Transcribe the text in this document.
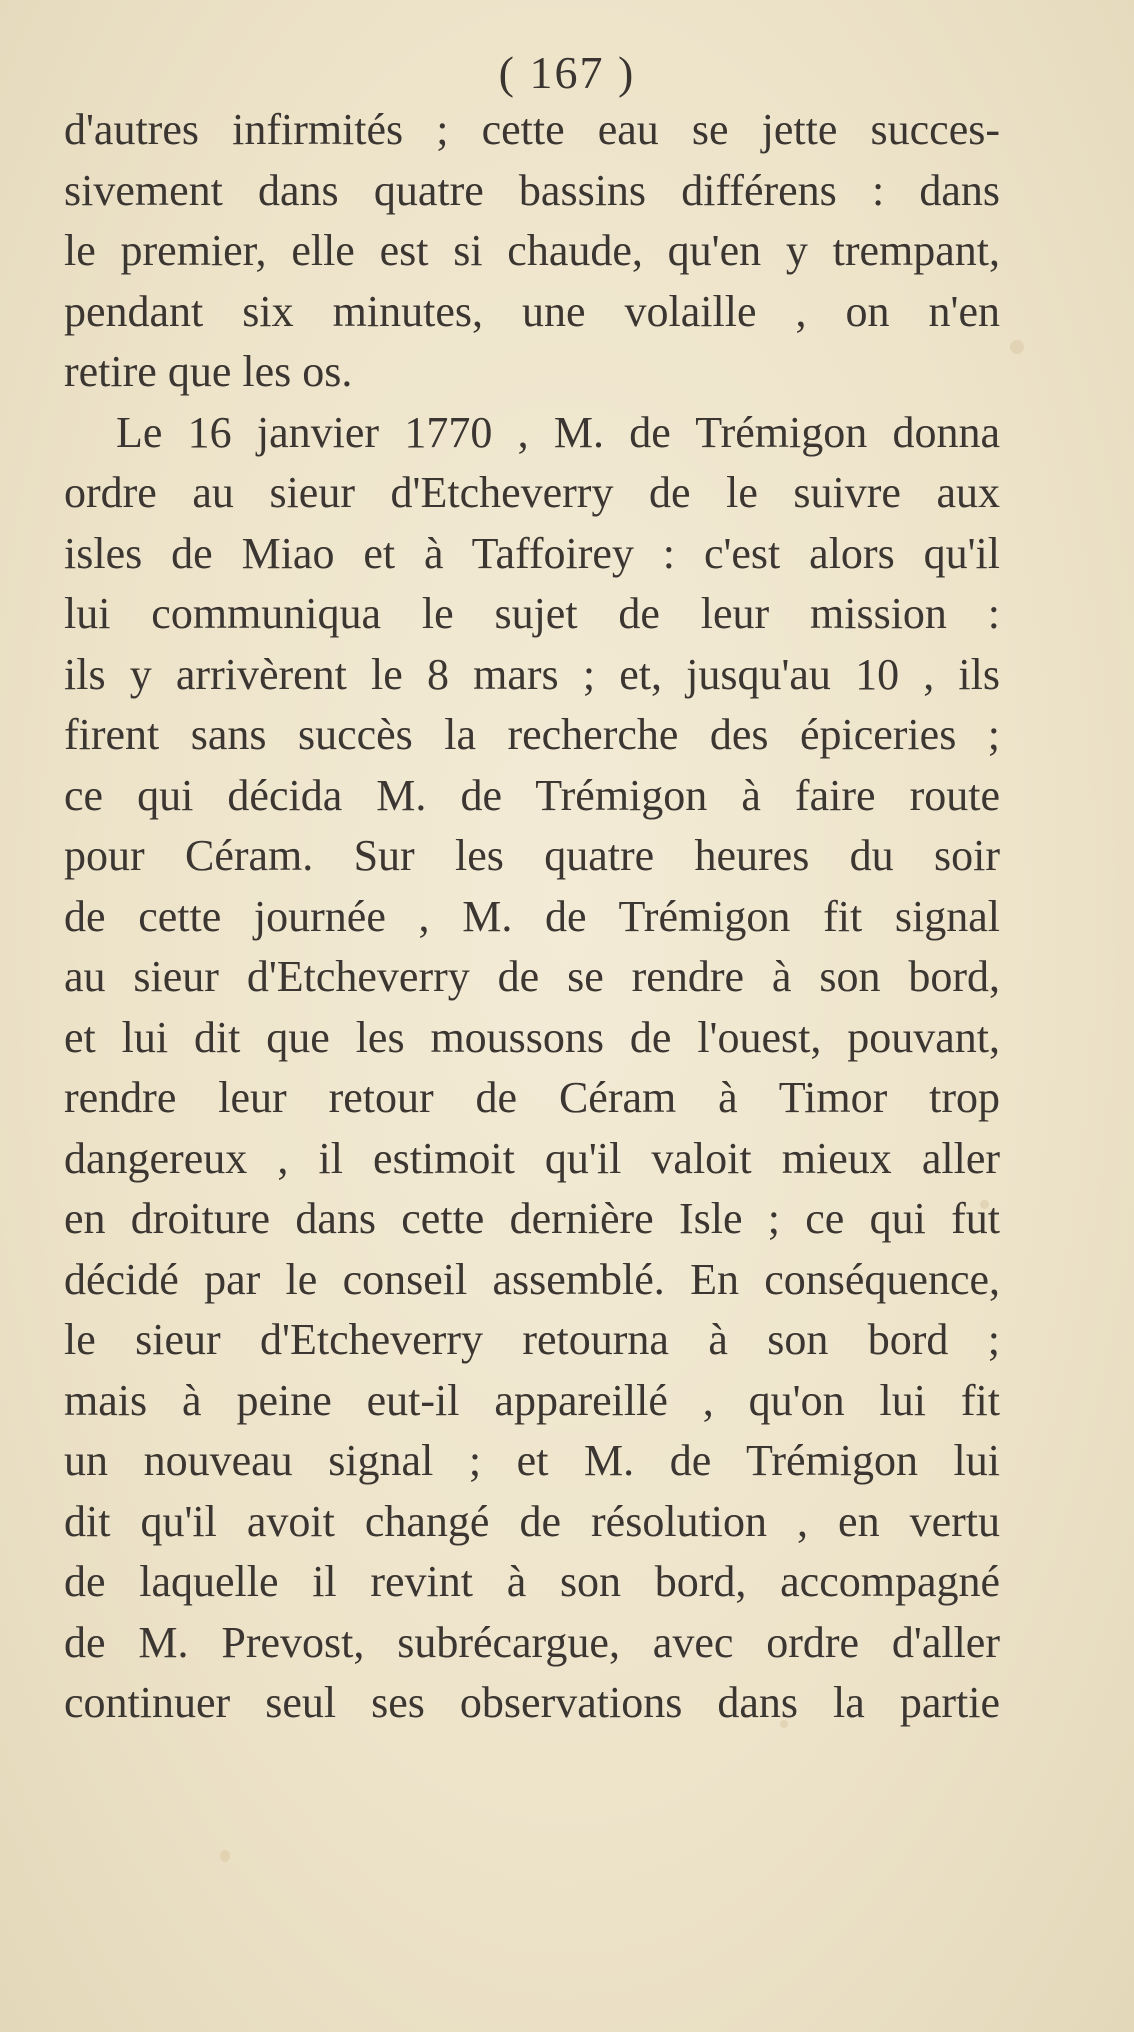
( 167 )
d'autres infirmités ; cette eau se jette succes-
sivement dans quatre bassins différens : dans
le premier, elle est si chaude, qu'en y trempant,
pendant six minutes, une volaille , on n'en
retire que les os.
Le 16 janvier 1770 , M. de Trémigon donna
ordre au sieur d'Etcheverry de le suivre aux
isles de Miao et à Taffoirey : c'est alors qu'il
lui communiqua le sujet de leur mission :
ils y arrivèrent le 8 mars ; et, jusqu'au 10 , ils
firent sans succès la recherche des épiceries ;
ce qui décida M. de Trémigon à faire route
pour Céram. Sur les quatre heures du soir
de cette journée , M. de Trémigon fit signal
au sieur d'Etcheverry de se rendre à son bord,
et lui dit que les moussons de l'ouest, pouvant,
rendre leur retour de Céram à Timor trop
dangereux , il estimoit qu'il valoit mieux aller
en droiture dans cette dernière Isle ; ce qui fut
décidé par le conseil assemblé. En conséquence,
le sieur d'Etcheverry retourna à son bord ;
mais à peine eut-il appareillé , qu'on lui fit
un nouveau signal ; et M. de Trémigon lui
dit qu'il avoit changé de résolution , en vertu
de laquelle il revint à son bord, accompagné
de M. Prevost, subrécargue, avec ordre d'aller
continuer seul ses observations dans la partie
